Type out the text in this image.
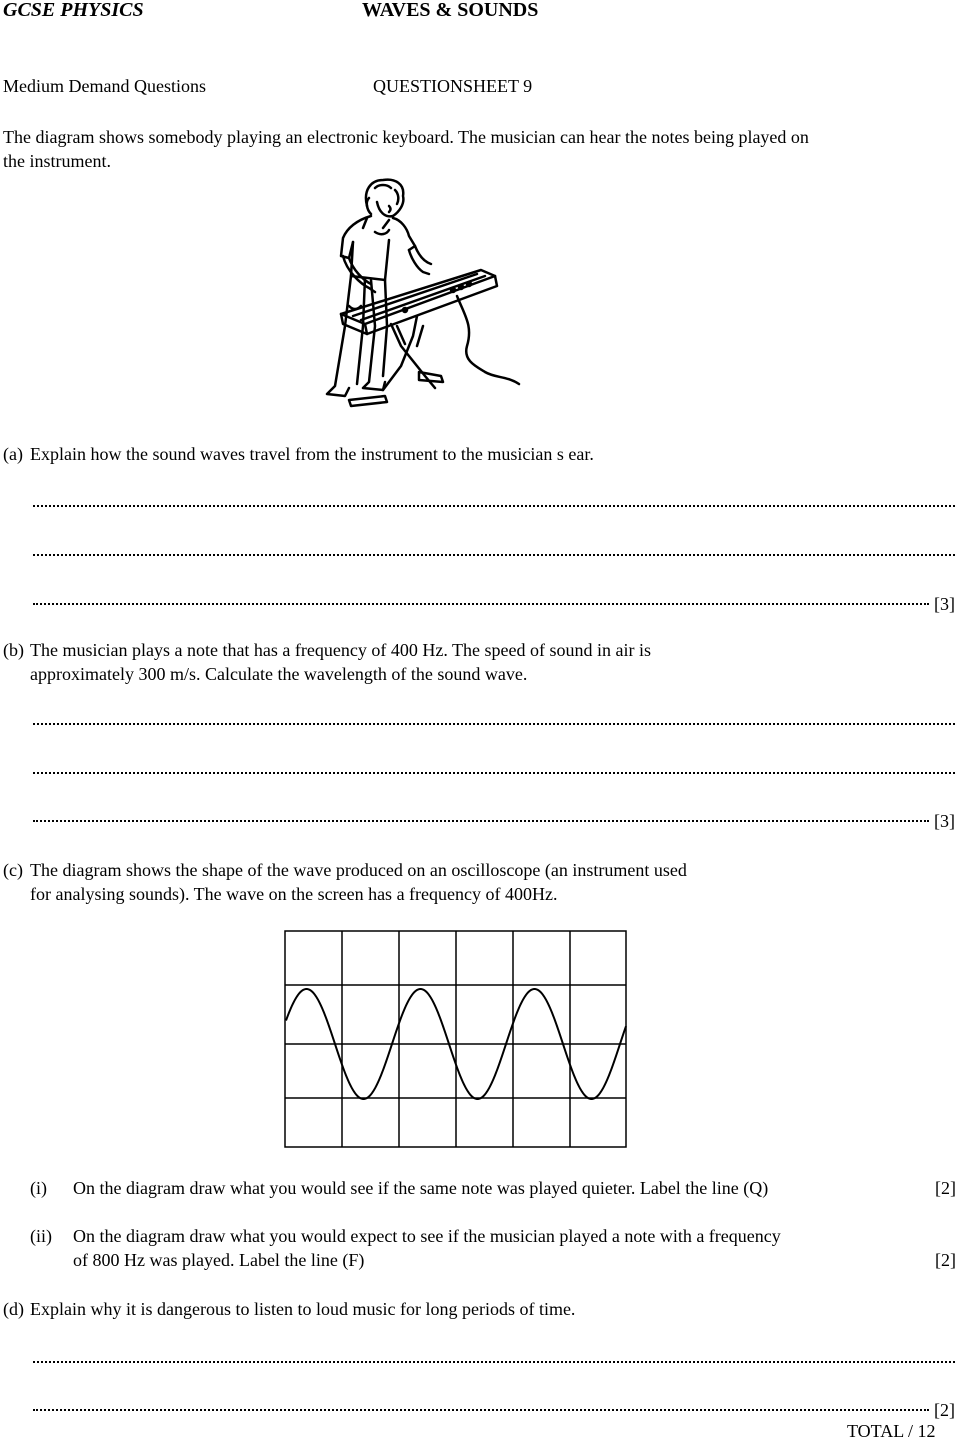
GCSE PHYSICS	WAVES & SOUNDS
Medium Demand Questions	QUESTIONSHEET 9
The diagram shows somebody playing an electronic keyboard. The musician can hear the notes being played on
the instrument.
(a) Explain how the sound waves travel from the instrument to the musician s ear.
[3]
(b) The musician plays a note that has a frequency of 400 Hz. The speed of sound in air is
approximately 300 m/s. Calculate the wavelength of the sound wave.
[3]
(c) The diagram shows the shape of the wave produced on an oscilloscope (an instrument used
for analysing sounds). The wave on the screen has a frequency of 400Hz.
(i) On the diagram draw what you would see if the same note was played quieter. Label the line (Q)	[2]
(ii) On the diagram draw what you would expect to see if the musician played a note with a frequency
of 800 Hz was played. Label the line (F)	[2]
(d) Explain why it is dangerous to listen to loud music for long periods of time.
[2]
TOTAL / 12
